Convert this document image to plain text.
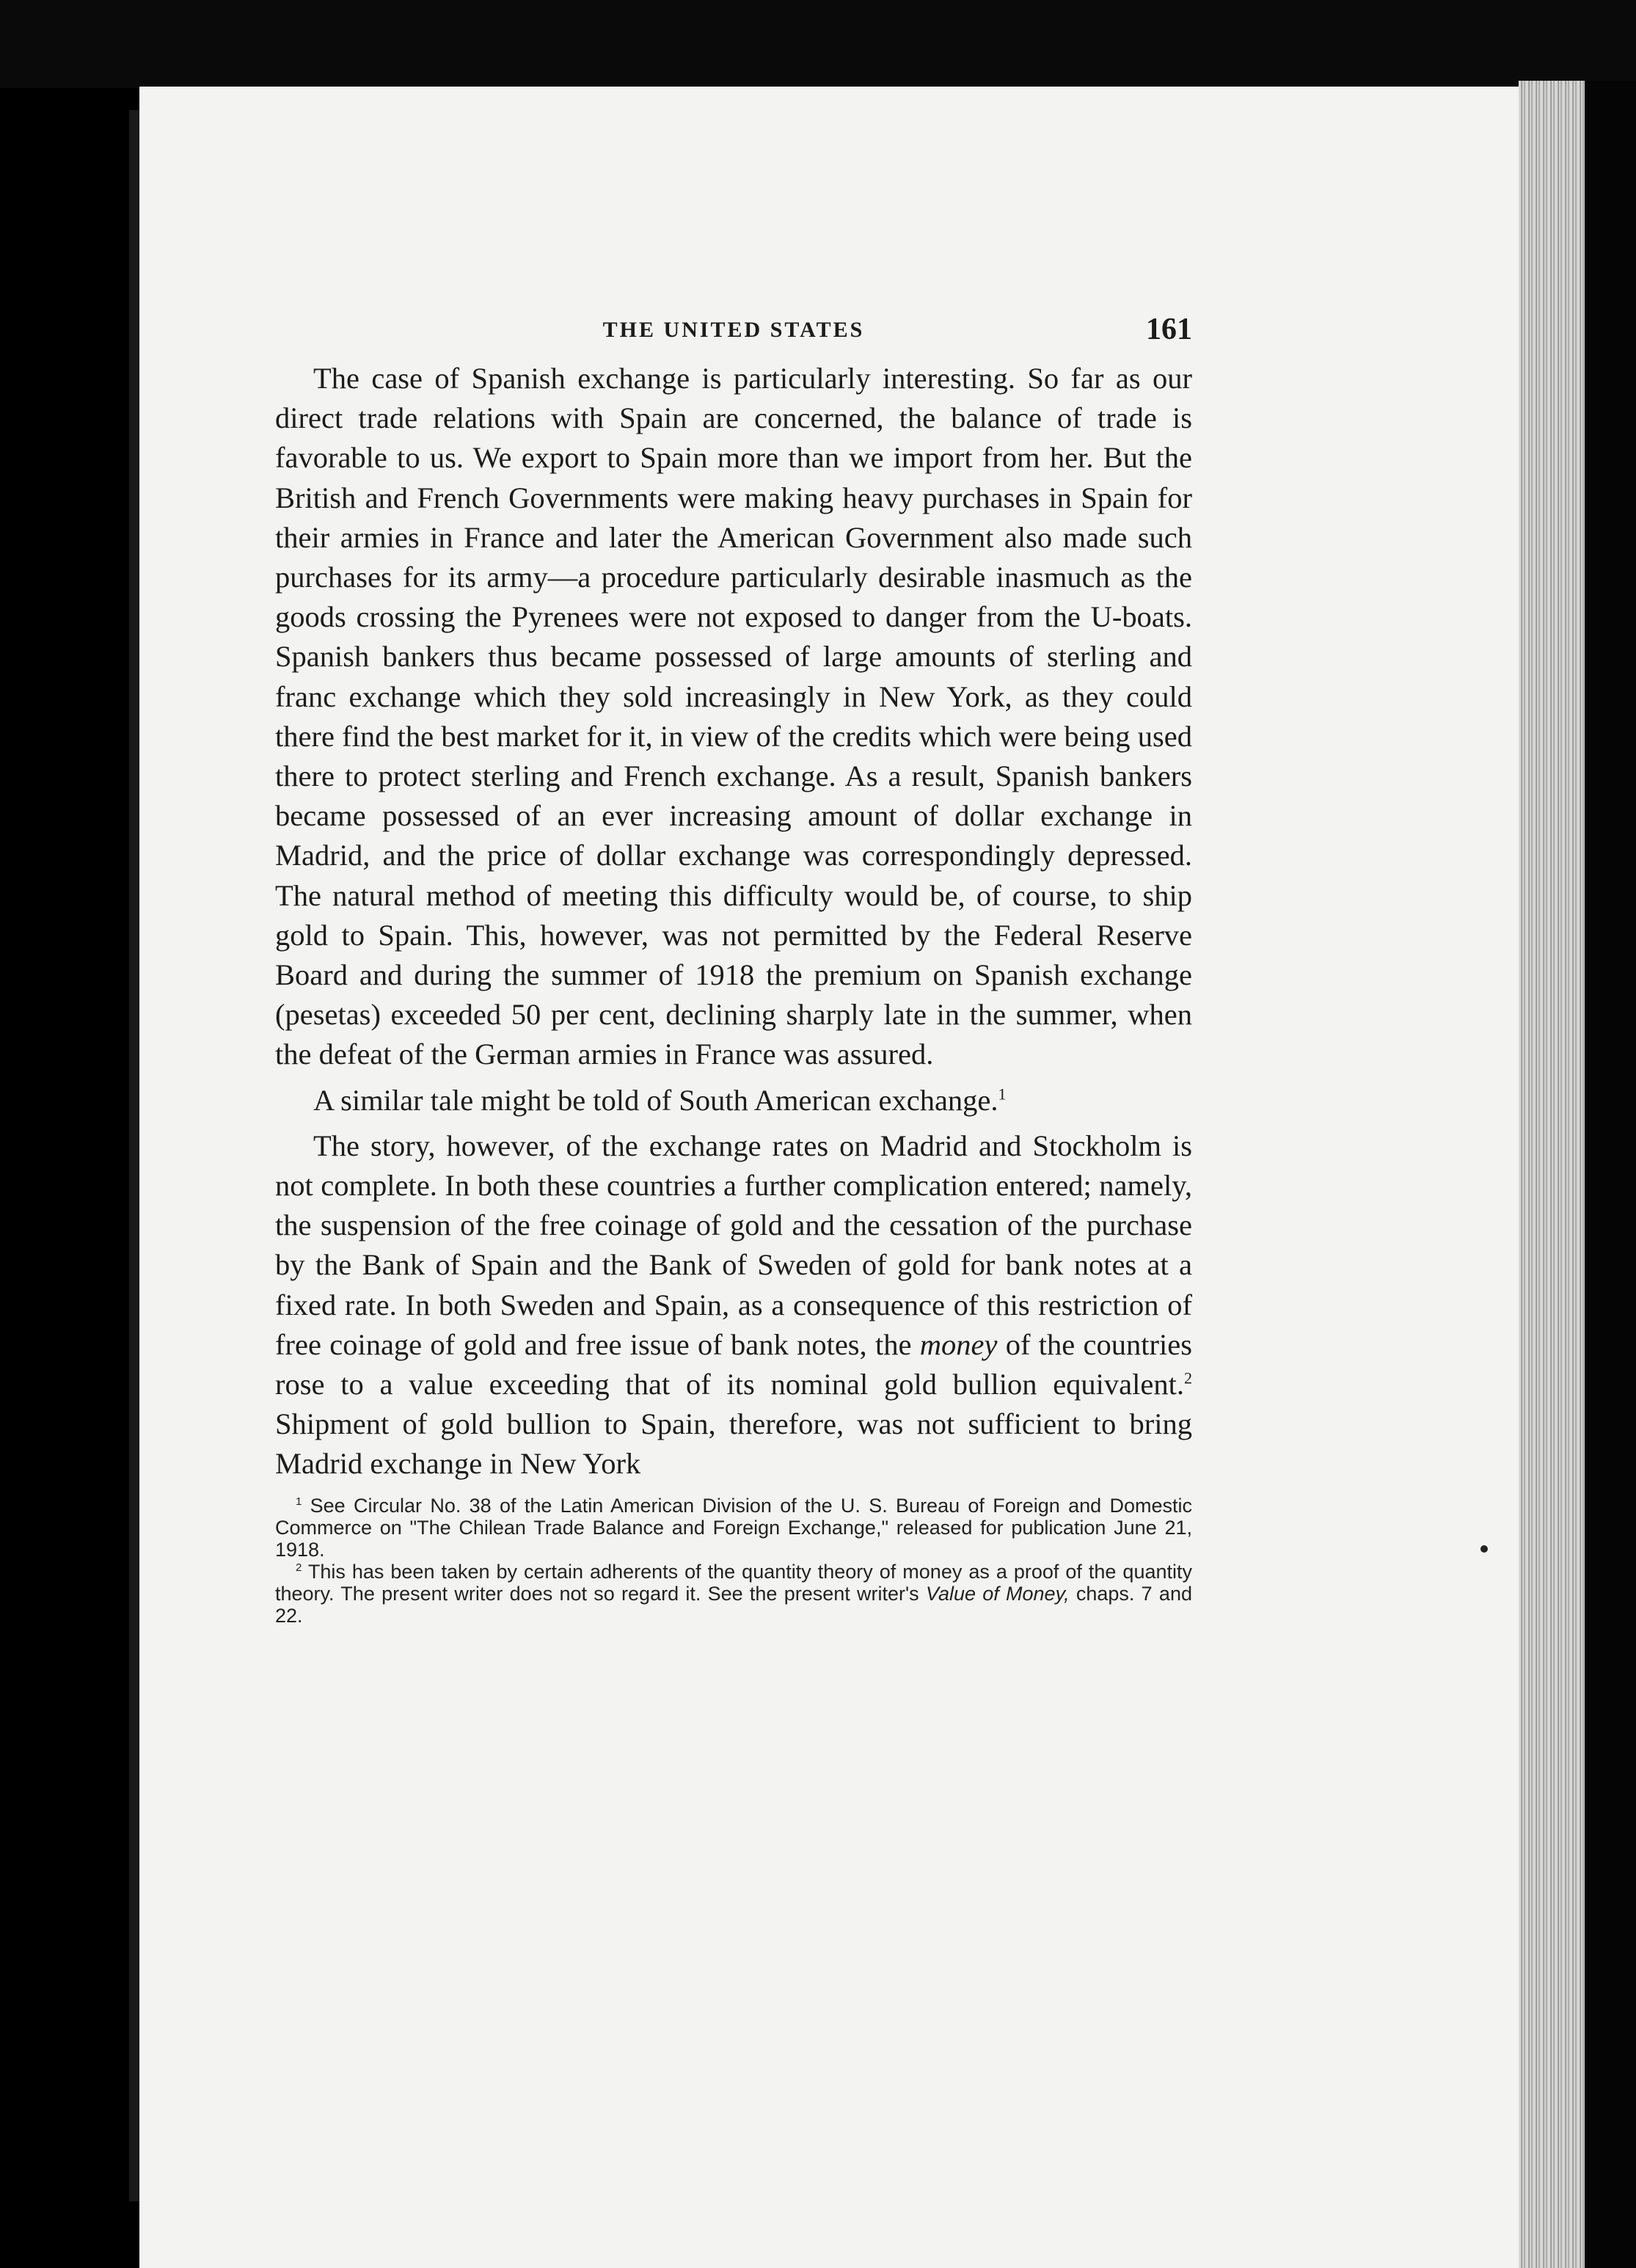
THE UNITED STATES	161

The case of Spanish exchange is particularly interesting. So far as our direct trade relations with Spain are concerned, the balance of trade is favorable to us. We export to Spain more than we import from her. But the British and French Governments were making heavy purchases in Spain for their armies in France and later the American Government also made such purchases for its army—a procedure particularly desirable inasmuch as the goods crossing the Pyrenees were not exposed to danger from the U-boats. Spanish bankers thus became possessed of large amounts of sterling and franc exchange which they sold increasingly in New York, as they could there find the best market for it, in view of the credits which were being used there to protect sterling and French exchange. As a result, Spanish bankers became possessed of an ever increasing amount of dollar exchange in Madrid, and the price of dollar exchange was correspondingly depressed. The natural method of meeting this difficulty would be, of course, to ship gold to Spain. This, however, was not permitted by the Federal Reserve Board and during the summer of 1918 the premium on Spanish exchange (pesetas) exceeded 50 per cent, declining sharply late in the summer, when the defeat of the German armies in France was assured.

A similar tale might be told of South American exchange.$^1$

The story, however, of the exchange rates on Madrid and Stockholm is not complete. In both these countries a further complication entered; namely, the suspension of the free coinage of gold and the cessation of the purchase by the Bank of Spain and the Bank of Sweden of gold for bank notes at a fixed rate. In both Sweden and Spain, as a consequence of this restriction of free coinage of gold and free issue of bank notes, the money of the countries rose to a value exceeding that of its nominal gold bullion equivalent.$^2$ Shipment of gold bullion to Spain, therefore, was not sufficient to bring Madrid exchange in New York

$^1$ See Circular No. 38 of the Latin American Division of the U. S. Bureau of Foreign and Domestic Commerce on "The Chilean Trade Balance and Foreign Exchange," released for publication June 21, 1918.

$^2$ This has been taken by certain adherents of the quantity theory of money as a proof of the quantity theory. The present writer does not so regard it. See the present writer's Value of Money, chaps. 7 and 22.
